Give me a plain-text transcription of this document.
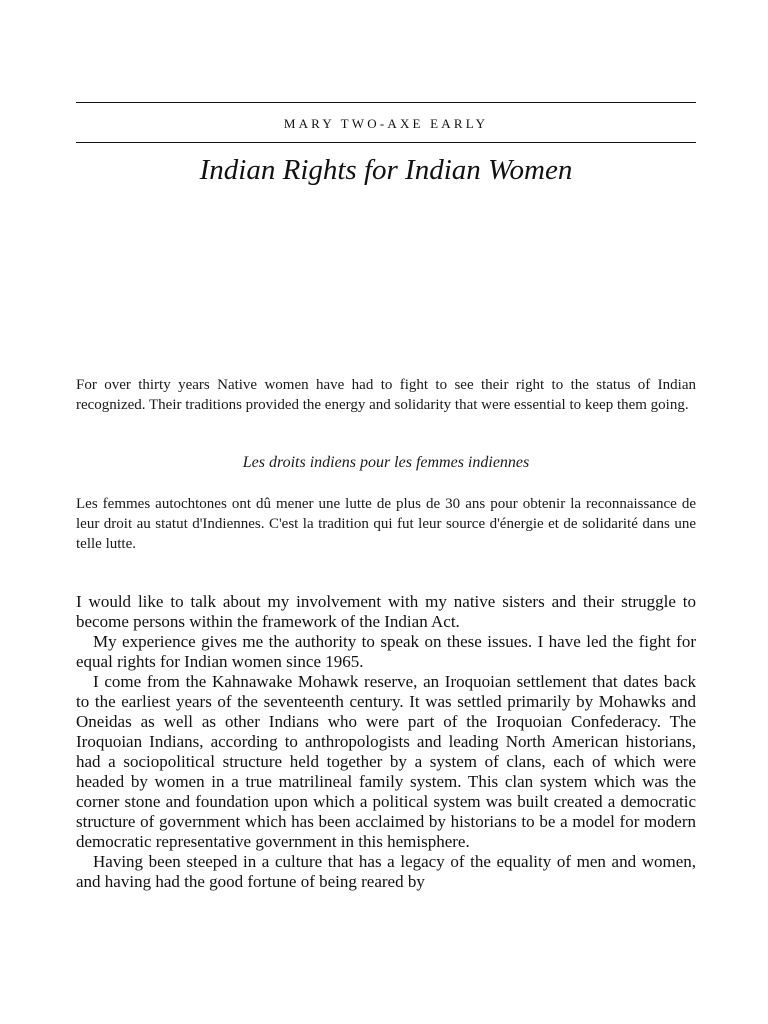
MARY TWO-AXE EARLY
Indian Rights for Indian Women
For over thirty years Native women have had to fight to see their right to the status of Indian recognized. Their traditions provided the energy and solidarity that were essential to keep them going.
Les droits indiens pour les femmes indiennes
Les femmes autochtones ont dû mener une lutte de plus de 30 ans pour obtenir la reconnaissance de leur droit au statut d'Indiennes. C'est la tradition qui fut leur source d'énergie et de solidarité dans une telle lutte.

I would like to talk about my involvement with my native sisters and their struggle to become persons within the framework of the Indian Act.

My experience gives me the authority to speak on these issues. I have led the fight for equal rights for Indian women since 1965.

I come from the Kahnawake Mohawk reserve, an Iroquoian settlement that dates back to the earliest years of the seventeenth century. It was settled primarily by Mohawks and Oneidas as well as other Indians who were part of the Iroquoian Confederacy. The Iroquoian Indians, according to anthropologists and leading North American historians, had a sociopolitical structure held together by a system of clans, each of which were headed by women in a true matrilineal family system. This clan system which was the corner stone and foundation upon which a political system was built created a democratic structure of government which has been acclaimed by historians to be a model for modern democratic representative government in this hemisphere.

Having been steeped in a culture that has a legacy of the equality of men and women, and having had the good fortune of being reared by
